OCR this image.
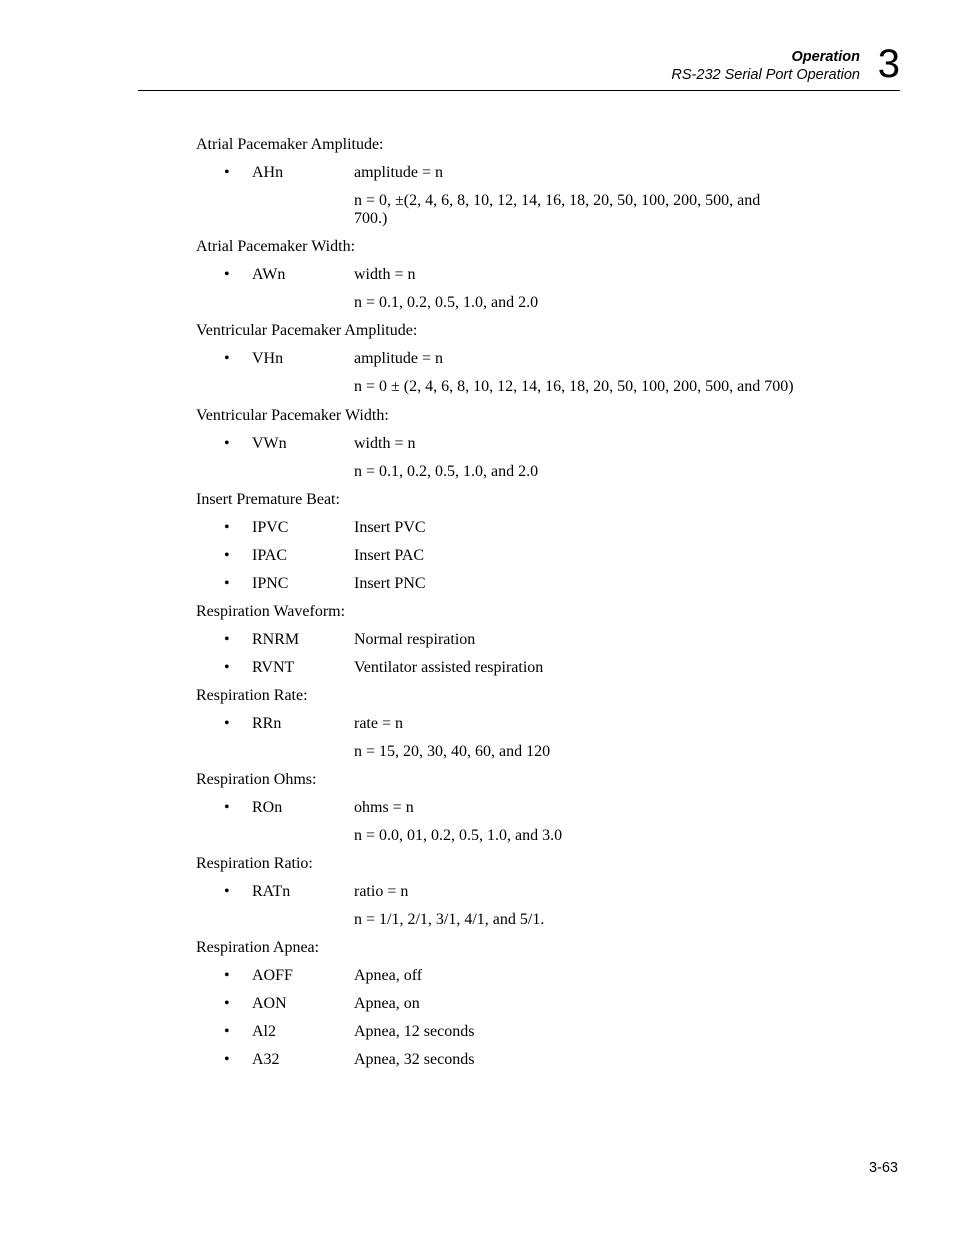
Operation
RS-232 Serial Port Operation 3
Atrial Pacemaker Amplitude:
• AHn	amplitude = n
n = 0, ±(2, 4, 6, 8, 10, 12, 14, 16, 18, 20, 50, 100, 200, 500, and 700.)
Atrial Pacemaker Width:
• AWn	width = n
n = 0.1, 0.2, 0.5, 1.0, and 2.0
Ventricular Pacemaker Amplitude:
• VHn	amplitude = n
n = 0 ± (2, 4, 6, 8, 10, 12, 14, 16, 18, 20, 50, 100, 200, 500, and 700)
Ventricular Pacemaker Width:
• VWn	width = n
n = 0.1, 0.2, 0.5, 1.0, and 2.0
Insert Premature Beat:
• IPVC	Insert PVC
• IPAC	Insert PAC
• IPNC	Insert PNC
Respiration Waveform:
• RNRM	Normal respiration
• RVNT	Ventilator assisted respiration
Respiration Rate:
• RRn	rate = n
n = 15, 20, 30, 40, 60, and 120
Respiration Ohms:
• ROn	ohms = n
n = 0.0, 01, 0.2, 0.5, 1.0, and 3.0
Respiration Ratio:
• RATn	ratio = n
n = 1/1, 2/1, 3/1, 4/1, and 5/1.
Respiration Apnea:
• AOFF	Apnea, off
• AON	Apnea, on
• Al2	Apnea, 12 seconds
• A32	Apnea, 32 seconds
3-63
